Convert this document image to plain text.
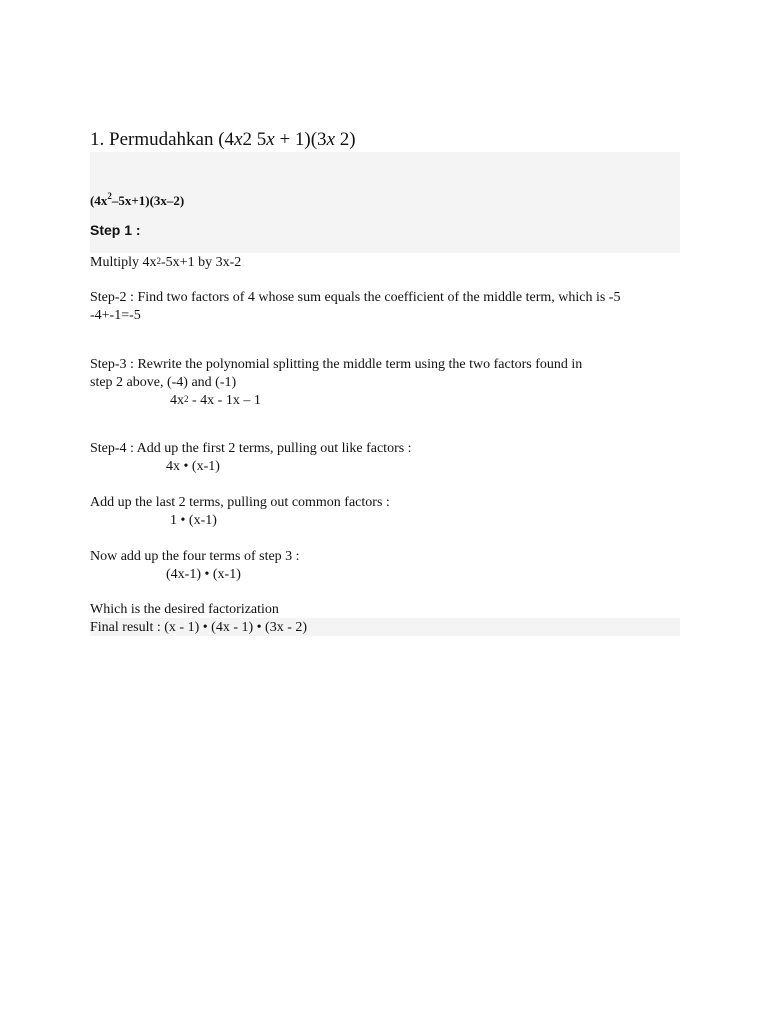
1. Permudahkan (4x2 5x + 1)(3x 2)
$(4x^2-5x+1)(3x-2)$
Step 1 :
Multiply $4x^2-5x+1$ by 3x-2
Step-2 : Find two factors of 4 whose sum equals the coefficient of the middle term, which is -5
-4+-1=-5
Step-3 : Rewrite the polynomial splitting the middle term using the two factors found in
step 2 above, (-4) and (-1)
$4x^2 - 4x - 1x - 1$
Step-4 : Add up the first 2 terms, pulling out like factors :
4x • (x-1)
Add up the last 2 terms, pulling out common factors :
1 • (x-1)
Now add up the four terms of step 3 :
(4x-1) • (x-1)
Which is the desired factorization
Final result : (x - 1) • (4x - 1) • (3x - 2)
